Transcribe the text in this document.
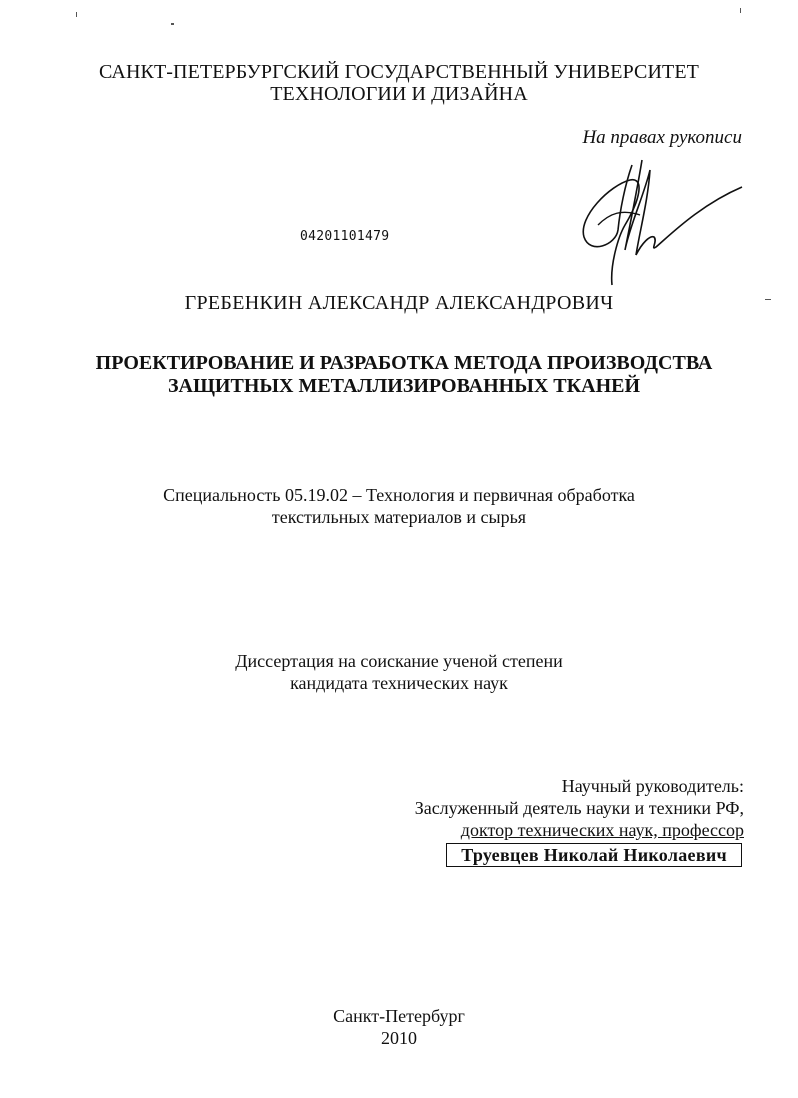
САНКТ-ПЕТЕРБУРГСКИЙ ГОСУДАРСТВЕННЫЙ УНИВЕРСИТЕТ
ТЕХНОЛОГИИ И ДИЗАЙНА
На правах рукописи
04201101479
ГРЕБЕНКИН АЛЕКСАНДР АЛЕКСАНДРОВИЧ
ПРОЕКТИРОВАНИЕ И РАЗРАБОТКА МЕТОДА ПРОИЗВОДСТВА
ЗАЩИТНЫХ МЕТАЛЛИЗИРОВАННЫХ ТКАНЕЙ
Специальность 05.19.02 – Технология и первичная обработка
текстильных материалов и сырья
Диссертация на соискание ученой степени
кандидата технических наук
Научный руководитель:
Заслуженный деятель науки и техники РФ,
доктор технических наук, профессор
Труевцев Николай Николаевич
Санкт-Петербург
2010
